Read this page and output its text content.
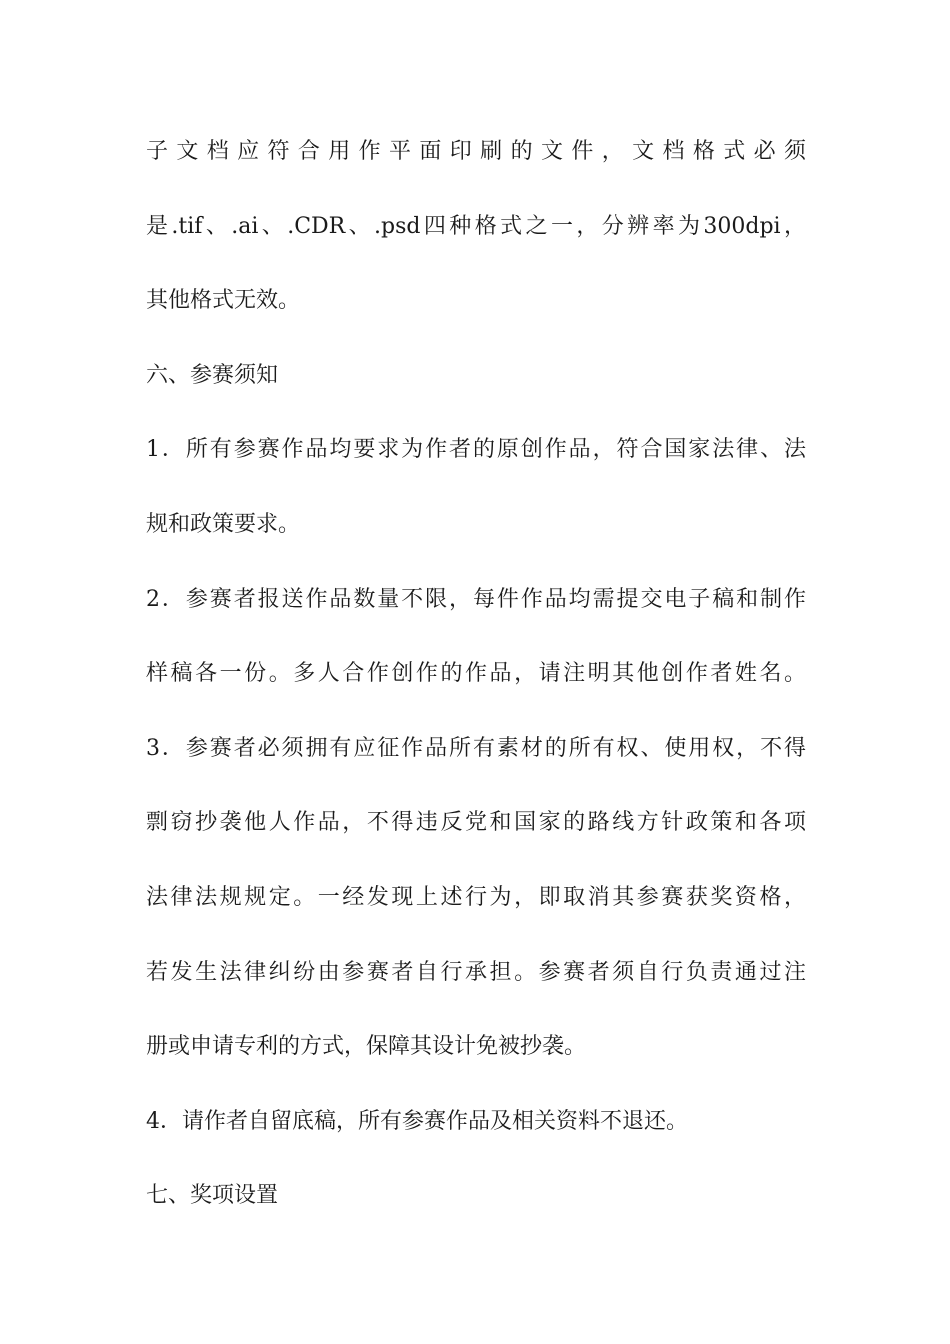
子文档应符合用作平面印刷的文件，文档格式必须
是.tif、.ai、.CDR、.psd四种格式之一，分辨率为300dpi，
其他格式无效。
六、参赛须知
1．所有参赛作品均要求为作者的原创作品，符合国家法律、法
规和政策要求。
2．参赛者报送作品数量不限，每件作品均需提交电子稿和制作
样稿各一份。多人合作创作的作品，请注明其他创作者姓名。
3．参赛者必须拥有应征作品所有素材的所有权、使用权，不得
剽窃抄袭他人作品，不得违反党和国家的路线方针政策和各项
法律法规规定。一经发现上述行为，即取消其参赛获奖资格，
若发生法律纠纷由参赛者自行承担。参赛者须自行负责通过注
册或申请专利的方式，保障其设计免被抄袭。
4．请作者自留底稿，所有参赛作品及相关资料不退还。
七、奖项设置
